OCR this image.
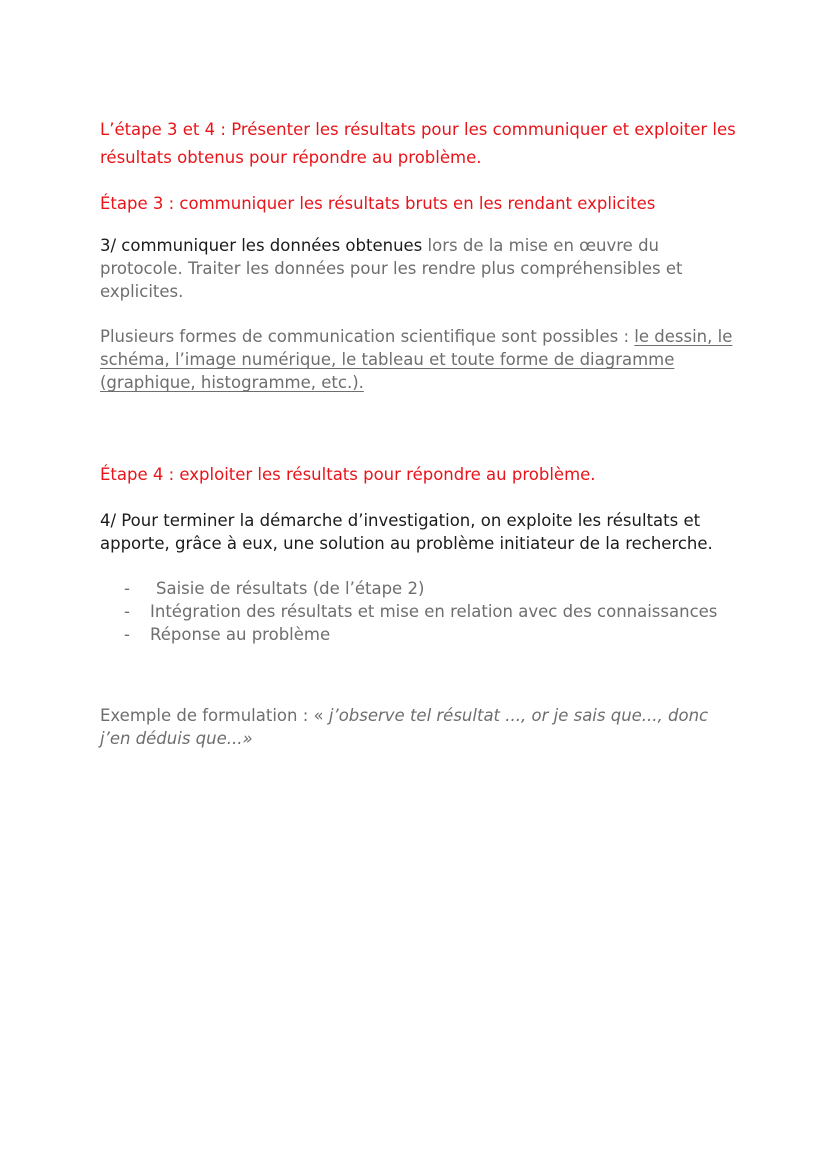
L’étape 3 et 4 : Présenter les résultats pour les communiquer et exploiter les résultats obtenus pour répondre au problème.

Étape 3 : communiquer les résultats bruts en les rendant explicites

3/ communiquer les données obtenues lors de la mise en œuvre du protocole. Traiter les données pour les rendre plus compréhensibles et explicites.

Plusieurs formes de communication scientifique sont possibles : le dessin, le schéma, l’image numérique, le tableau et toute forme de diagramme (graphique, histogramme, etc.).

Étape 4 : exploiter les résultats pour répondre au problème.

4/ Pour terminer la démarche d’investigation, on exploite les résultats et apporte, grâce à eux, une solution au problème initiateur de la recherche.

- Saisie de résultats (de l’étape 2)
- Intégration des résultats et mise en relation avec des connaissances
- Réponse au problème

Exemple de formulation : « j’observe tel résultat ..., or je sais que..., donc j’en déduis que...»
